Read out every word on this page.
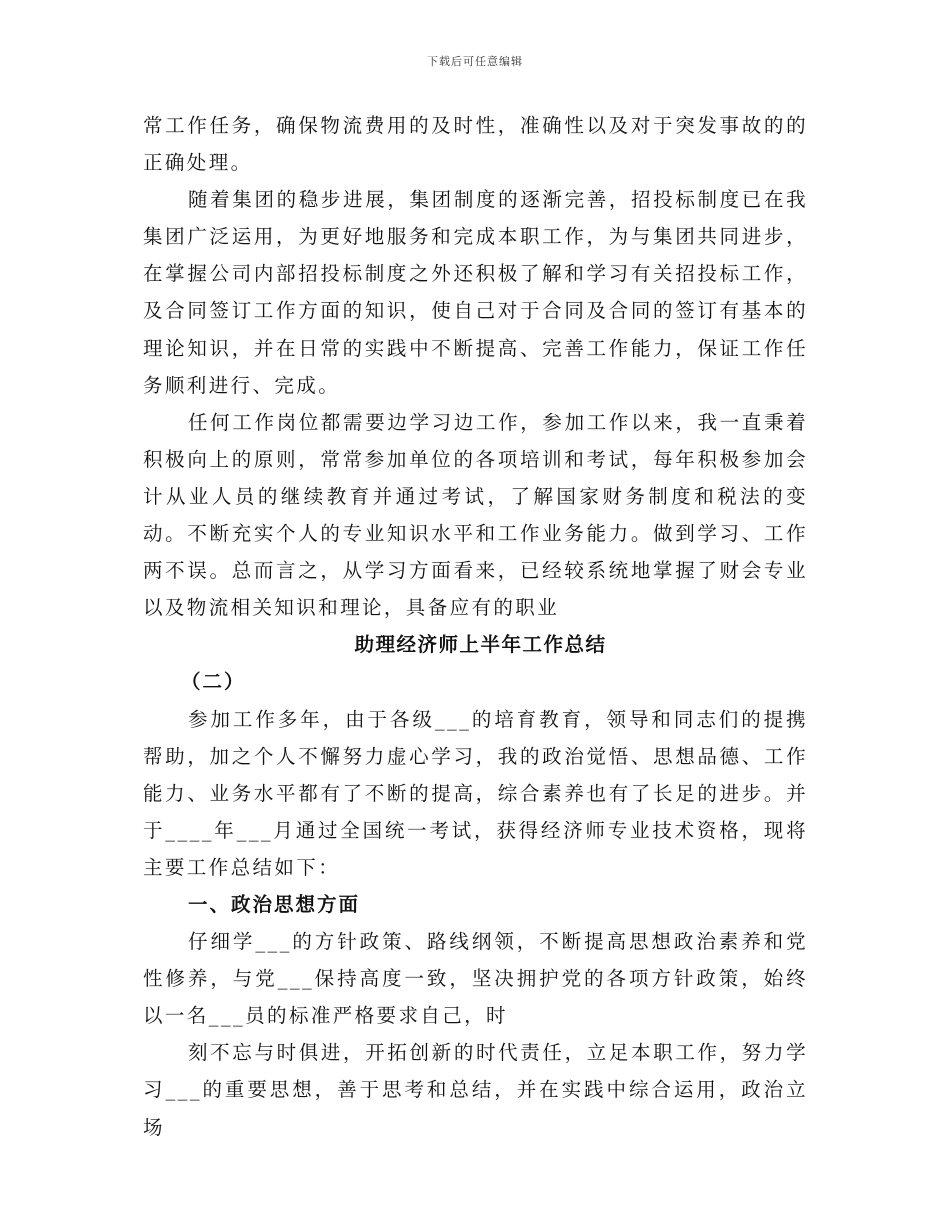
下载后可任意编辑

常工作任务，确保物流费用的及时性，准确性以及对于突发事故的的正确处理。

随着集团的稳步进展，集团制度的逐渐完善，招投标制度已在我集团广泛运用，为更好地服务和完成本职工作，为与集团共同进步，在掌握公司内部招投标制度之外还积极了解和学习有关招投标工作，及合同签订工作方面的知识，使自己对于合同及合同的签订有基本的理论知识，并在日常的实践中不断提高、完善工作能力，保证工作任务顺利进行、完成。

任何工作岗位都需要边学习边工作，参加工作以来，我一直秉着积极向上的原则，常常参加单位的各项培训和考试，每年积极参加会计从业人员的继续教育并通过考试，了解国家财务制度和税法的变动。不断充实个人的专业知识水平和工作业务能力。做到学习、工作两不误。总而言之，从学习方面看来，已经较系统地掌握了财会专业以及物流相关知识和理论，具备应有的职业

助理经济师上半年工作总结

（二）

参加工作多年，由于各级___的培育教育，领导和同志们的提携帮助，加之个人不懈努力虚心学习，我的政治觉悟、思想品德、工作能力、业务水平都有了不断的提高，综合素养也有了长足的进步。并于____年___月通过全国统一考试，获得经济师专业技术资格，现将主要工作总结如下：

一、政治思想方面

仔细学___的方针政策、路线纲领，不断提高思想政治素养和党性修养，与党___保持高度一致，坚决拥护党的各项方针政策，始终以一名___员的标准严格要求自己，时

刻不忘与时俱进，开拓创新的时代责任，立足本职工作，努力学习___的重要思想，善于思考和总结，并在实践中综合运用，政治立场
